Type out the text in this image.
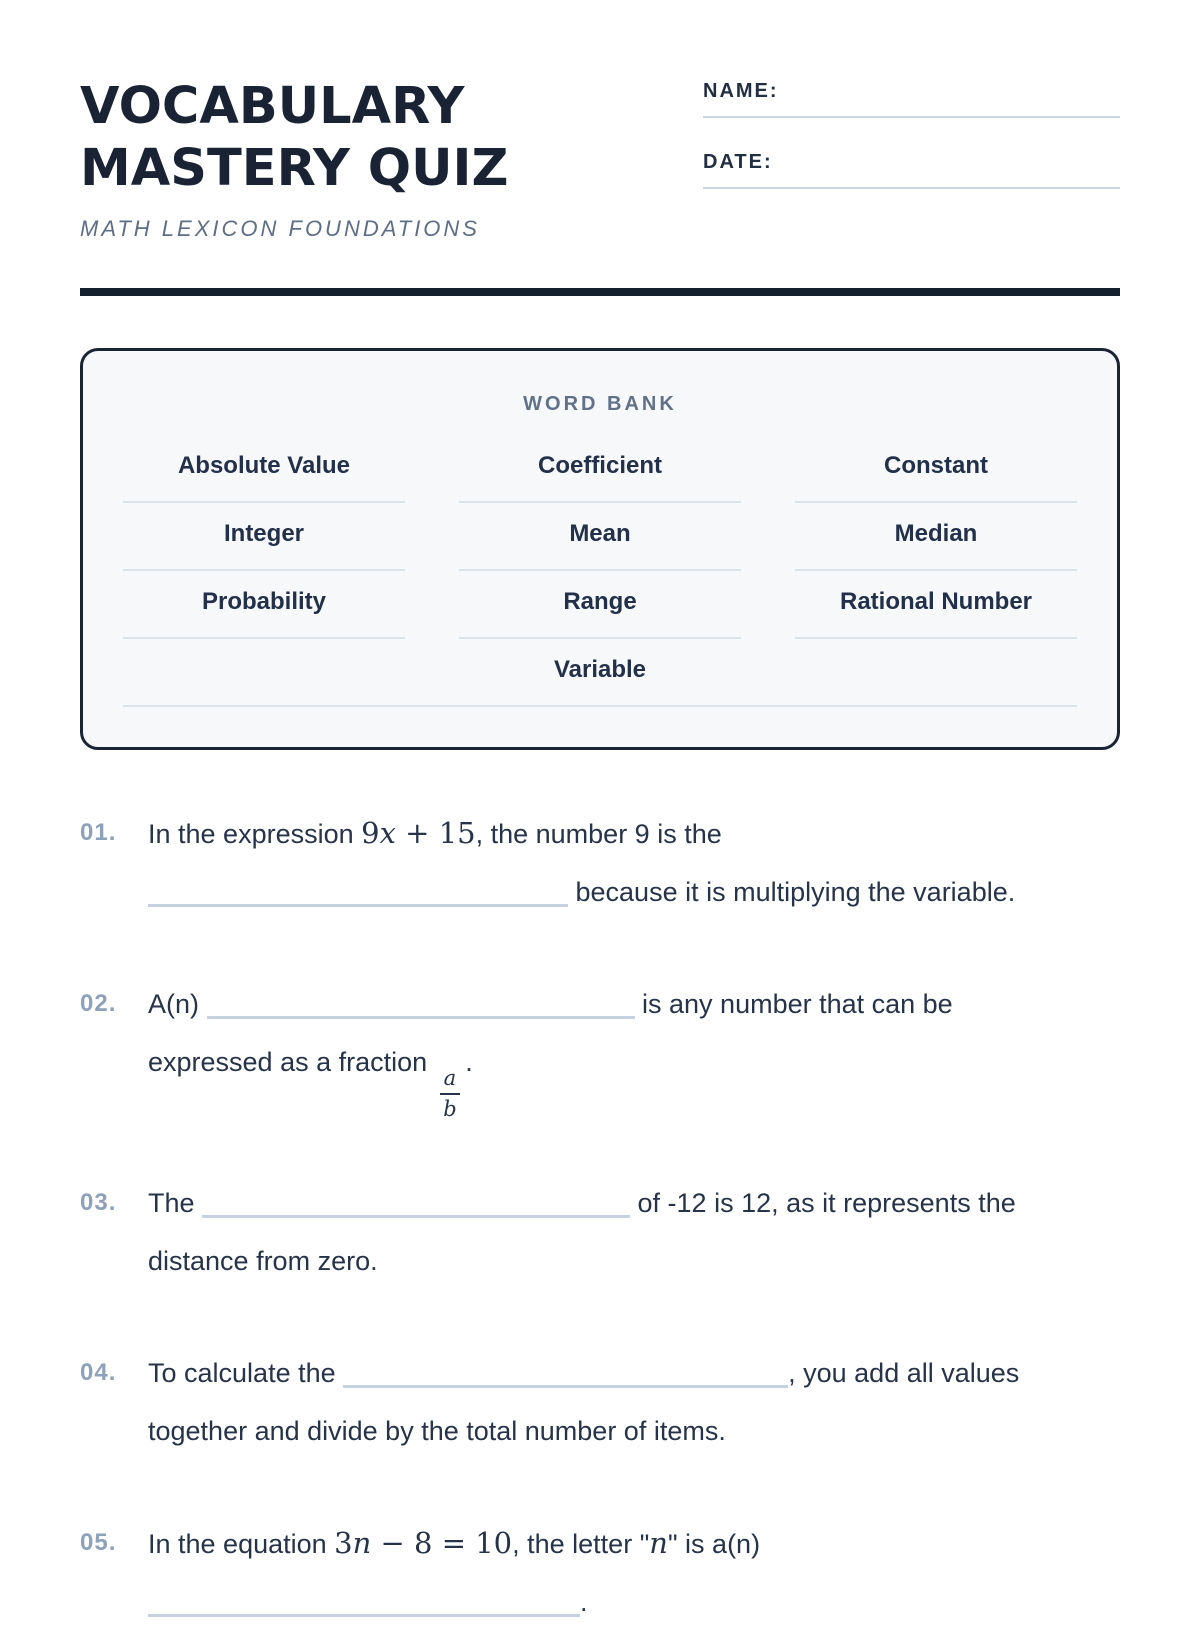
VOCABULARY
MASTERY QUIZ
MATH LEXICON FOUNDATIONS
NAME:
DATE:
WORD BANK
Absolute Value	Coefficient	Constant
Integer	Mean	Median
Probability	Range	Rational Number
Variable
01.	In the expression 9x + 15, the number 9 is the
because it is multiplying the variable.
02.	A(n)	is any number that can be
expressed as a fraction
$\frac{a}{b}$
.
03.	The	of -12 is 12, as it represents the
distance from zero.
04.	To calculate the	, you add all values
together and divide by the total number of items.
05.	In the equation 3n − 8 = 10, the letter "n" is a(n)
.
